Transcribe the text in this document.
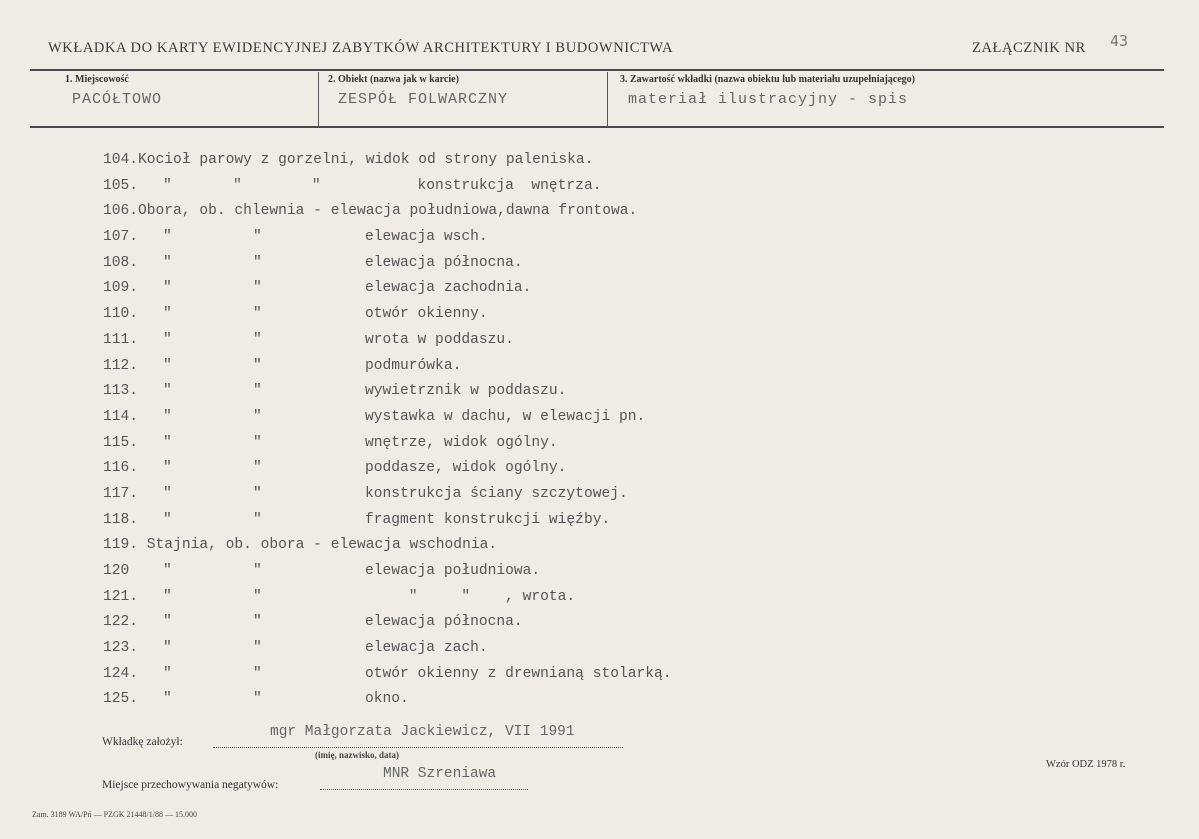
WKŁADKA DO KARTY EWIDENCYJNEJ ZABYTKÓW ARCHITEKTURY I BUDOWNICTWA	ZAŁĄCZNIK NR 43
1. Miejscowość
PACÓŁTOWO
2. Obiekt (nazwa jak w karcie)
ZESPÓŁ FOLWARCZNY
3. Zawartość wkładki (nazwa obiektu lub materiału uzupełniającego)
materiał ilustracyjny - spis
104.Kocioł parowy z gorzelni, widok od strony paleniska.
105. "	"        "	konstrukcja  wnętrza.
106.Obora, ob. chlewnia - elewacja południowa,dawna frontowa.
107. "	"	elewacja wsch.
108. "	"	elewacja północna.
109. "	"	elewacja zachodnia.
110. "	"	otwór okienny.
111. "	"	wrota w poddaszu.
112. "	"	podmurówka.
113. "	"	wywietrznik w poddaszu.
114. "	"	wystawka w dachu, w elewacji pn.
115. "	"	wnętrze, widok ogólny.
116. "	"	poddasze, widok ogólny.
117. "	"	konstrukcja ściany szczytowej.
118. "	"	fragment konstrukcji więźby.
119. Stajnia, ob. obora - elewacja wschodnia.
120 "	"	elewacja południowa.
121. "	"	"     "    , wrota.
122. "	"	elewacja północna.
123. "	"	elewacja zach.
124. "	"	otwór okienny z drewnianą stolarką.
125. "	"	okno.
Wkładkę założył:
mgr Małgorzata Jackiewicz, VII 1991
(imię, nazwisko, data)
Miejsce przechowywania negatywów:
MNR Szreniawa
Wzór ODZ 1978 r.
Zam. 3189 WA/Pń — PZGK 21448/1/88 — 15.000
